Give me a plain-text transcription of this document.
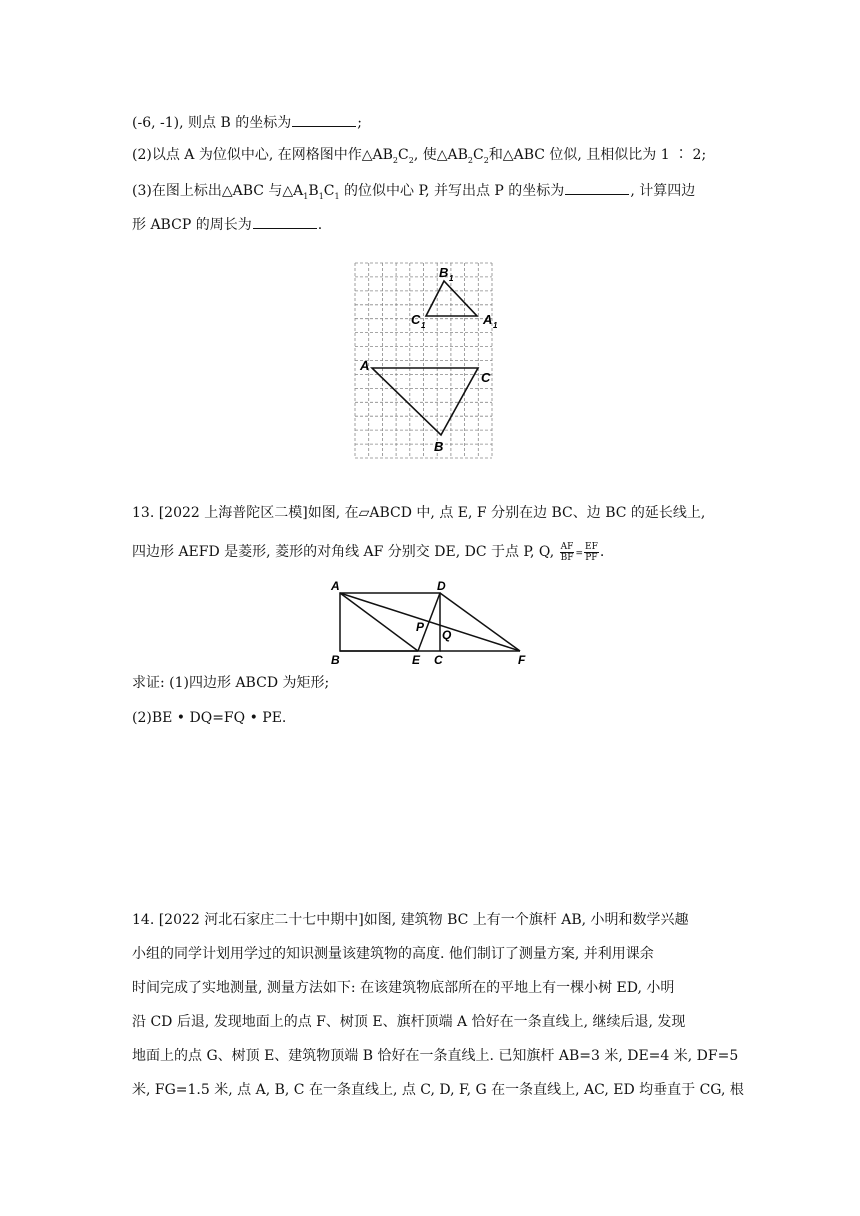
(-6, -1), 则点 B 的坐标为	;
(2)以点 A 为位似中心, 在网格图中作$\triangle AB_2C_2$, 使$\triangle AB_2C_2$和△ABC 位似, 且相似比为 1 ∶ 2;
(3)在图上标出△ABC 与$\triangle A_1B_1C_1$ 的位似中心 P, 并写出点 P 的坐标为	, 计算四边
形 ABCP 的周长为	.
B 1
C 1	A 1
A
C
B
13. [2022 上海普陀区二模]如图, 在▱ABCD 中, 点 E, F 分别在边 BC、边 BC 的延长线上,
四边形 AEFD 是菱形, 菱形的对角线 AF 分别交 DE, DC 于点 P, Q, $\frac{AF}{BF} = \frac{EF}{PF}$ .
A	D
P
Q
B	E C	F
求证: (1)四边形 ABCD 为矩形;
(2)BE • DQ=FQ • PE.
14. [2022 河北石家庄二十七中期中]如图, 建筑物 BC 上有一个旗杆 AB, 小明和数学兴趣
小组的同学计划用学过的知识测量该建筑物的高度. 他们制订了测量方案, 并利用课余
时间完成了实地测量, 测量方法如下: 在该建筑物底部所在的平地上有一棵小树 ED, 小明
沿 CD 后退, 发现地面上的点 F、树顶 E、旗杆顶端 A 恰好在一条直线上, 继续后退, 发现
地面上的点 G、树顶 E、建筑物顶端 B 恰好在一条直线上. 已知旗杆 AB=3 米, DE=4 米, DF=5
米, FG=1.5 米, 点 A, B, C 在一条直线上, 点 C, D, F, G 在一条直线上, AC, ED 均垂直于 CG, 根
